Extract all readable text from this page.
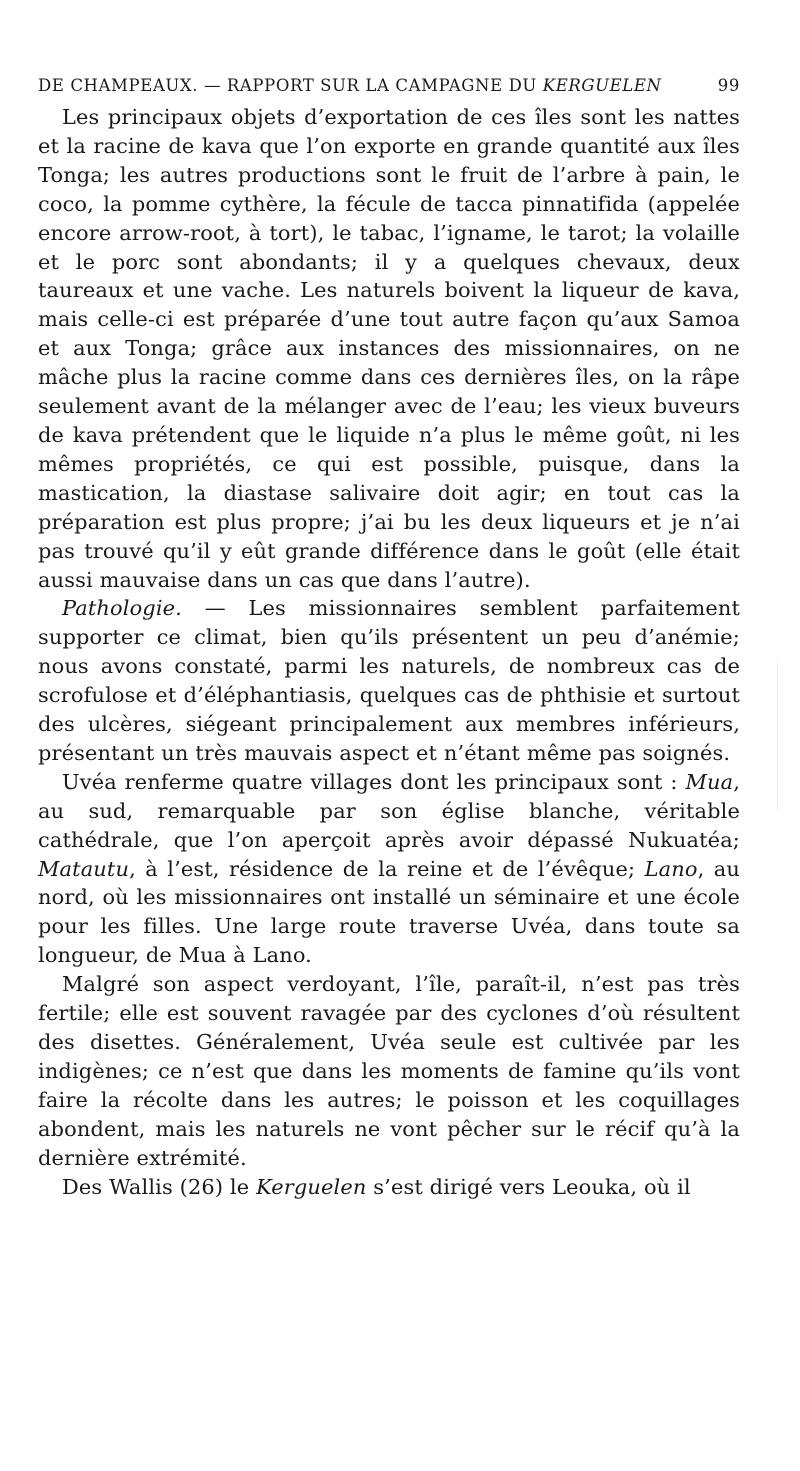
DE CHAMPEAUX. — RAPPORT SUR LA CAMPAGNE DU KERGUELEN	99

Les principaux objets d’exportation de ces îles sont les nattes et la racine de kava que l’on exporte en grande quantité aux îles Tonga; les autres productions sont le fruit de l’arbre à pain, le coco, la pomme cythère, la fécule de tacca pinnatifida (appelée encore arrow-root, à tort), le tabac, l’igname, le tarot; la volaille et le porc sont abondants; il y a quelques chevaux, deux taureaux et une vache. Les naturels boivent la liqueur de kava, mais celle-ci est préparée d’une tout autre façon qu’aux Samoa et aux Tonga; grâce aux instances des missionnaires, on ne mâche plus la racine comme dans ces dernières îles, on la râpe seulement avant de la mélanger avec de l’eau; les vieux buveurs de kava prétendent que le liquide n’a plus le même goût, ni les mêmes propriétés, ce qui est possible, puisque, dans la mastication, la diastase salivaire doit agir; en tout cas la préparation est plus propre; j’ai bu les deux liqueurs et je n’ai pas trouvé qu’il y eût grande différence dans le goût (elle était aussi mauvaise dans un cas que dans l’autre).

Pathologie. — Les missionnaires semblent parfaitement supporter ce climat, bien qu’ils présentent un peu d’anémie; nous avons constaté, parmi les naturels, de nombreux cas de scrofulose et d’éléphantiasis, quelques cas de phthisie et surtout des ulcères, siégeant principalement aux membres inférieurs, présentant un très mauvais aspect et n’étant même pas soignés.

Uvéa renferme quatre villages dont les principaux sont : Mua, au sud, remarquable par son église blanche, véritable cathédrale, que l’on aperçoit après avoir dépassé Nukuatéa; Matautu, à l’est, résidence de la reine et de l’évêque; Lano, au nord, où les missionnaires ont installé un séminaire et une école pour les filles. Une large route traverse Uvéa, dans toute sa longueur, de Mua à Lano.

Malgré son aspect verdoyant, l’île, paraît-il, n’est pas très fertile; elle est souvent ravagée par des cyclones d’où résultent des disettes. Généralement, Uvéa seule est cultivée par les indigènes; ce n’est que dans les moments de famine qu’ils vont faire la récolte dans les autres; le poisson et les coquillages abondent, mais les naturels ne vont pêcher sur le récif qu’à la dernière extrémité.

Des Wallis (26) le Kerguelen s’est dirigé vers Leouka, où il
